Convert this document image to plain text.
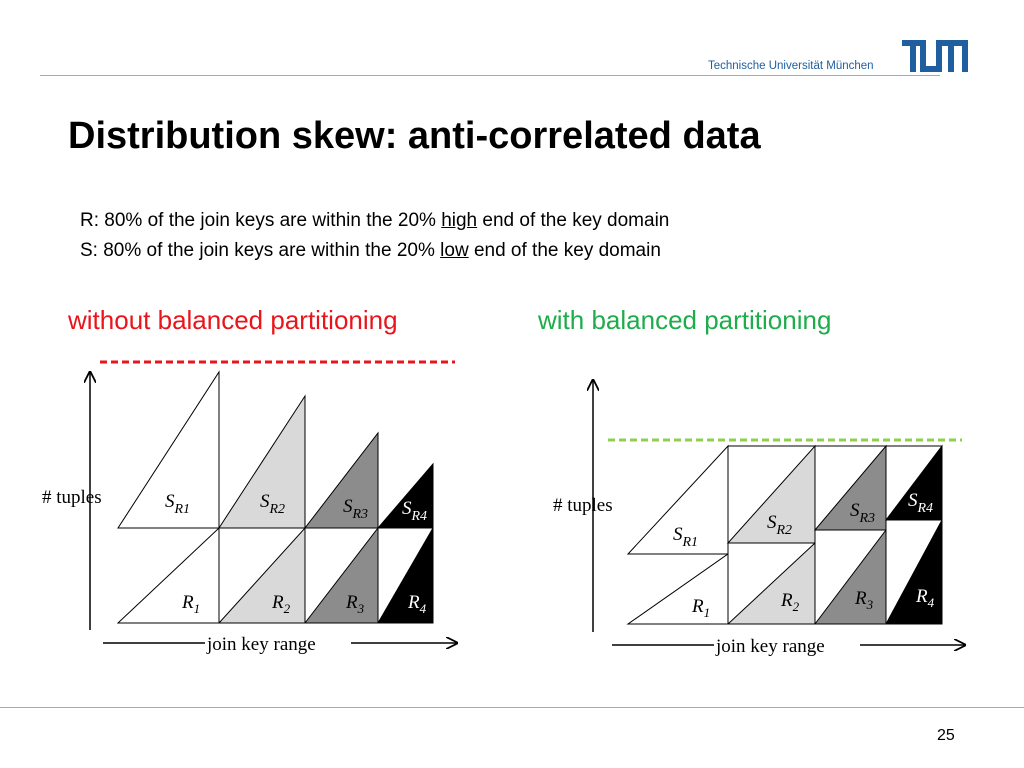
Technische Universität München
Distribution skew: anti-correlated data

R: 80% of the join keys are within the 20% high end of the key domain

S: 80% of the join keys are within the 20% low end of the key domain

without balanced partitioning	with balanced partitioning
# tuples
join key range
$S_{R1}$	$S_{R2}$	$S_{R3}$ $S_{R4}$
$R_1$	$R_2$	$R_3$ $R_4$
# tuples
join key range
$S_{R1}$
$S_{R2}$
$S_{R3}$
$S_{R4}$
$R_1$
$R_2$	$R_3$ $R_4$
25
